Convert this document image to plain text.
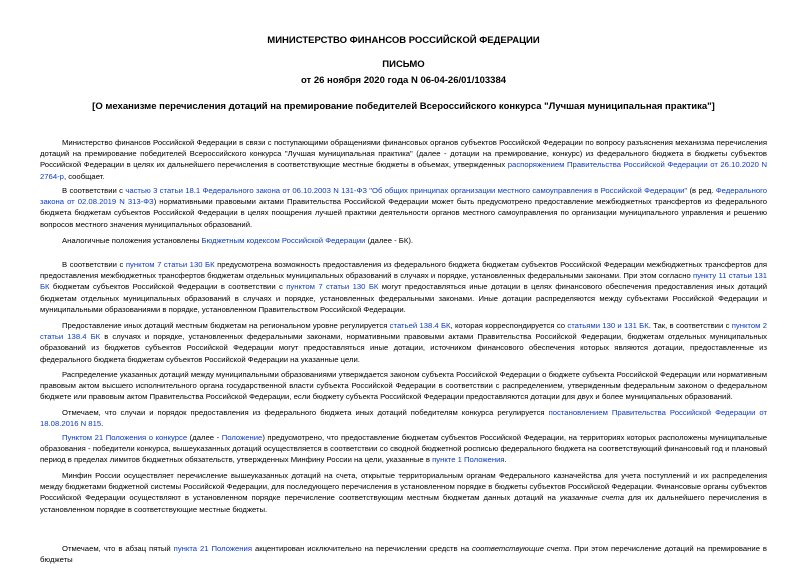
МИНИСТЕРСТВО ФИНАНСОВ РОССИЙСКОЙ ФЕДЕРАЦИИ
ПИСЬМО
от 26 ноября 2020 года N 06-04-26/01/103384
[О механизме перечисления дотаций на премирование победителей Всероссийского конкурса "Лучшая муниципальная практика"]

Министерство финансов Российской Федерации в связи с поступающими обращениями финансовых органов субъектов Российской Федерации по вопросу разъяснения механизма перечисления дотаций на премирование победителей Всероссийского конкурса "Лучшая муниципальная практика" (далее - дотации на премирование, конкурс) из федерального бюджета в бюджеты субъектов Российской Федерации в целях их дальнейшего перечисления в соответствующие местные бюджеты в объемах, утвержденных распоряжением Правительства Российской Федерации от 26.10.2020 N 2764-р, сообщает.

В соответствии с частью 3 статьи 18.1 Федерального закона от 06.10.2003 N 131-ФЗ "Об общих принципах организации местного самоуправления в Российской Федерации" (в ред. Федерального закона от 02.08.2019 N 313-ФЗ) нормативными правовыми актами Правительства Российской Федерации может быть предусмотрено предоставление межбюджетных трансфертов из федерального бюджета бюджетам субъектов Российской Федерации в целях поощрения лучшей практики деятельности органов местного самоуправления по организации муниципального управления и решению вопросов местного значения муниципальных образований.

Аналогичные положения установлены Бюджетным кодексом Российской Федерации (далее - БК).

В соответствии с пунктом 7 статьи 130 БК предусмотрена возможность предоставления из федерального бюджета бюджетам субъектов Российской Федерации межбюджетных трансфертов для предоставления межбюджетных трансфертов бюджетам отдельных муниципальных образований в случаях и порядке, установленных федеральными законами. При этом согласно пункту 11 статьи 131 БК бюджетам субъектов Российской Федерации в соответствии с пунктом 7 статьи 130 БК могут предоставляться иные дотации в целях финансового обеспечения предоставления иных дотаций бюджетам отдельных муниципальных образований в случаях и порядке, установленных федеральными законами. Иные дотации распределяются между субъектами Российской Федерации и муниципальными образованиями в порядке, установленном Правительством Российской Федерации.

Предоставление иных дотаций местным бюджетам на региональном уровне регулируется статьей 138.4 БК, которая корреспондируется со статьями 130 и 131 БК. Так, в соответствии с пунктом 2 статьи 138.4 БК в случаях и порядке, установленных федеральными законами, нормативными правовыми актами Правительства Российской Федерации, бюджетам отдельных муниципальных образований из бюджетов субъектов Российской Федерации могут предоставляться иные дотации, источником финансового обеспечения которых являются дотации, предоставленные из федерального бюджета бюджетам субъектов Российской Федерации на указанные цели.

Распределение указанных дотаций между муниципальными образованиями утверждается законом субъекта Российской Федерации о бюджете субъекта Российской Федерации или нормативным правовым актом высшего исполнительного органа государственной власти субъекта Российской Федерации в соответствии с распределением, утвержденным федеральным законом о федеральном бюджете или правовым актом Правительства Российской Федерации, если бюджету субъекта Российской Федерации предоставляются дотации для двух и более муниципальных образований.

Отмечаем, что случаи и порядок предоставления из федерального бюджета иных дотаций победителям конкурса регулируется постановлением Правительства Российской Федерации от 18.08.2016 N 815.

Пунктом 21 Положения о конкурсе (далее - Положение) предусмотрено, что предоставление бюджетам субъектов Российской Федерации, на территориях которых расположены муниципальные образования - победители конкурса, вышеуказанных дотаций осуществляется в соответствии со сводной бюджетной росписью федерального бюджета на соответствующий финансовый год и плановый период в пределах лимитов бюджетных обязательств, утвержденных Минфину России на цели, указанные в пункте 1 Положения.

Минфин России осуществляет перечисление вышеуказанных дотаций на счета, открытые территориальным органам Федерального казначейства для учета поступлений и их распределения между бюджетами бюджетной системы Российской Федерации, для последующего перечисления в установленном порядке в бюджеты субъектов Российской Федерации. Финансовые органы субъектов Российской Федерации осуществляют в установленном порядке перечисление соответствующим местным бюджетам данных дотаций на указанные счета для их дальнейшего перечисления в установленном порядке в соответствующие местные бюджеты.

Отмечаем, что в абзац пятый пункта 21 Положения акцентирован исключительно на перечислении средств на соответствующие счета. При этом перечисление дотаций на премирование в бюджеты
